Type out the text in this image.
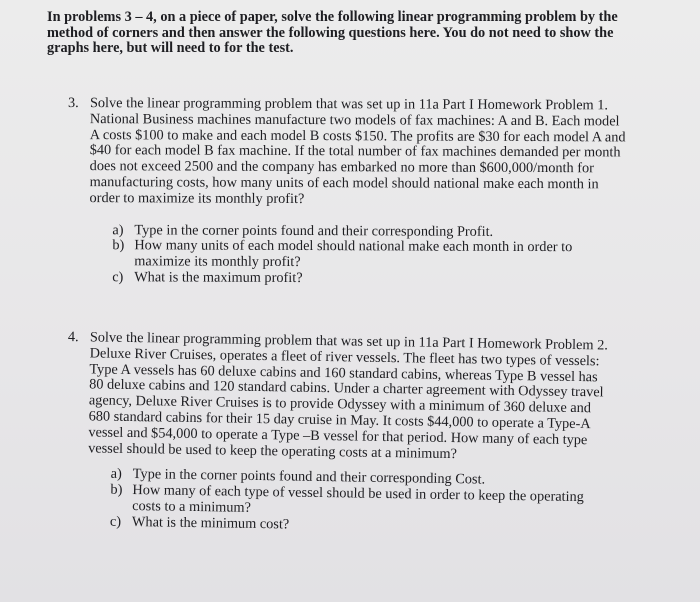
In problems 3 – 4, on a piece of paper, solve the following linear programming problem by the method of corners and then answer the following questions here. You do not need to show the graphs here, but will need to for the test.
3. Solve the linear programming problem that was set up in 11a Part I Homework Problem 1. National Business machines manufacture two models of fax machines: A and B. Each model A costs $100 to make and each model B costs $150. The profits are $30 for each model A and $40 for each model B fax machine. If the total number of fax machines demanded per month does not exceed 2500 and the company has embarked no more than $600,000/month for manufacturing costs, how many units of each model should national make each month in order to maximize its monthly profit?
a) Type in the corner points found and their corresponding Profit.
b) How many units of each model should national make each month in order to maximize its monthly profit?
c) What is the maximum profit?
4. Solve the linear programming problem that was set up in 11a Part I Homework Problem 2. Deluxe River Cruises, operates a fleet of river vessels. The fleet has two types of vessels: Type A vessels has 60 deluxe cabins and 160 standard cabins, whereas Type B vessel has 80 deluxe cabins and 120 standard cabins. Under a charter agreement with Odyssey travel agency, Deluxe River Cruises is to provide Odyssey with a minimum of 360 deluxe and 680 standard cabins for their 15 day cruise in May. It costs $44,000 to operate a Type-A vessel and $54,000 to operate a Type –B vessel for that period. How many of each type vessel should be used to keep the operating costs at a minimum?
a) Type in the corner points found and their corresponding Cost.
b) How many of each type of vessel should be used in order to keep the operating costs to a minimum?
c) What is the minimum cost?
